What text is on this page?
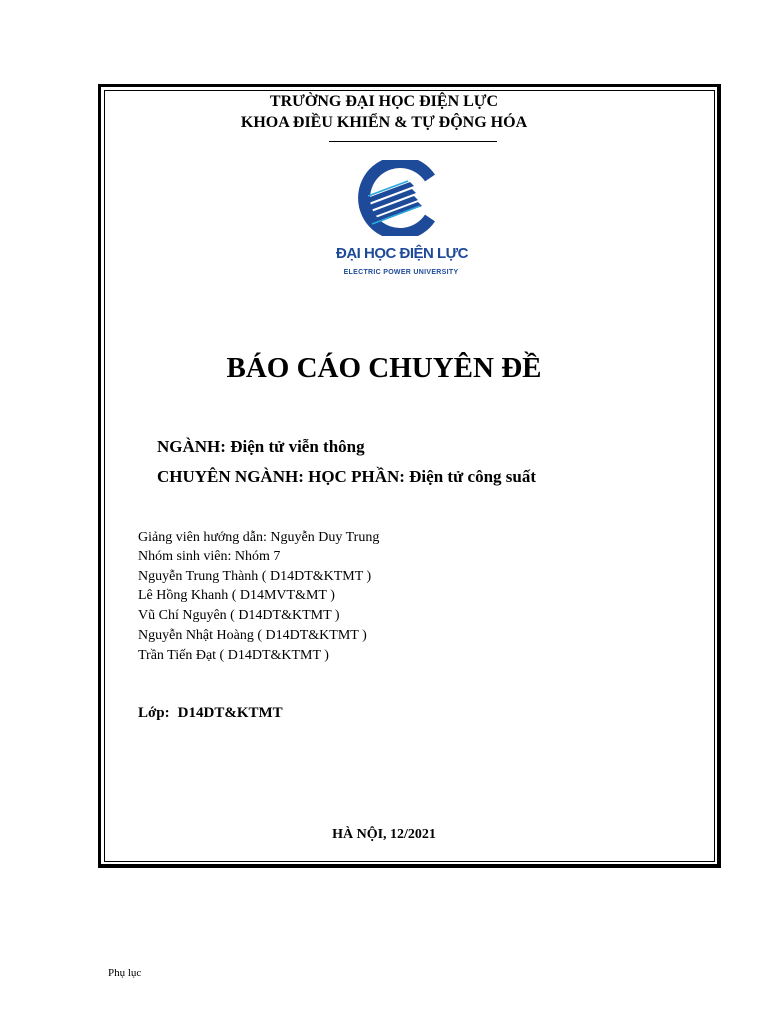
TRƯỜNG ĐẠI HỌC ĐIỆN LỰC
KHOA ĐIỀU KHIỂN & TỰ ĐỘNG HÓA
ĐẠI HỌC ĐIỆN LỰC
ELECTRIC POWER UNIVERSITY
BÁO CÁO CHUYÊN ĐỀ
NGÀNH: Điện tử viễn thông
CHUYÊN NGÀNH: HỌC PHẦN: Điện tử công suất
Giảng viên hướng dẫn: Nguyễn Duy Trung
Nhóm sinh viên: Nhóm 7
Nguyễn Trung Thành ( D14DT&KTMT )
Lê Hồng Khanh ( D14MVT&MT )
Vũ Chí Nguyên ( D14DT&KTMT )
Nguyễn Nhật Hoàng ( D14DT&KTMT )
Trần Tiến Đạt ( D14DT&KTMT )
Lớp: D14DT&KTMT
HÀ NỘI, 12/2021
Phụ lục
